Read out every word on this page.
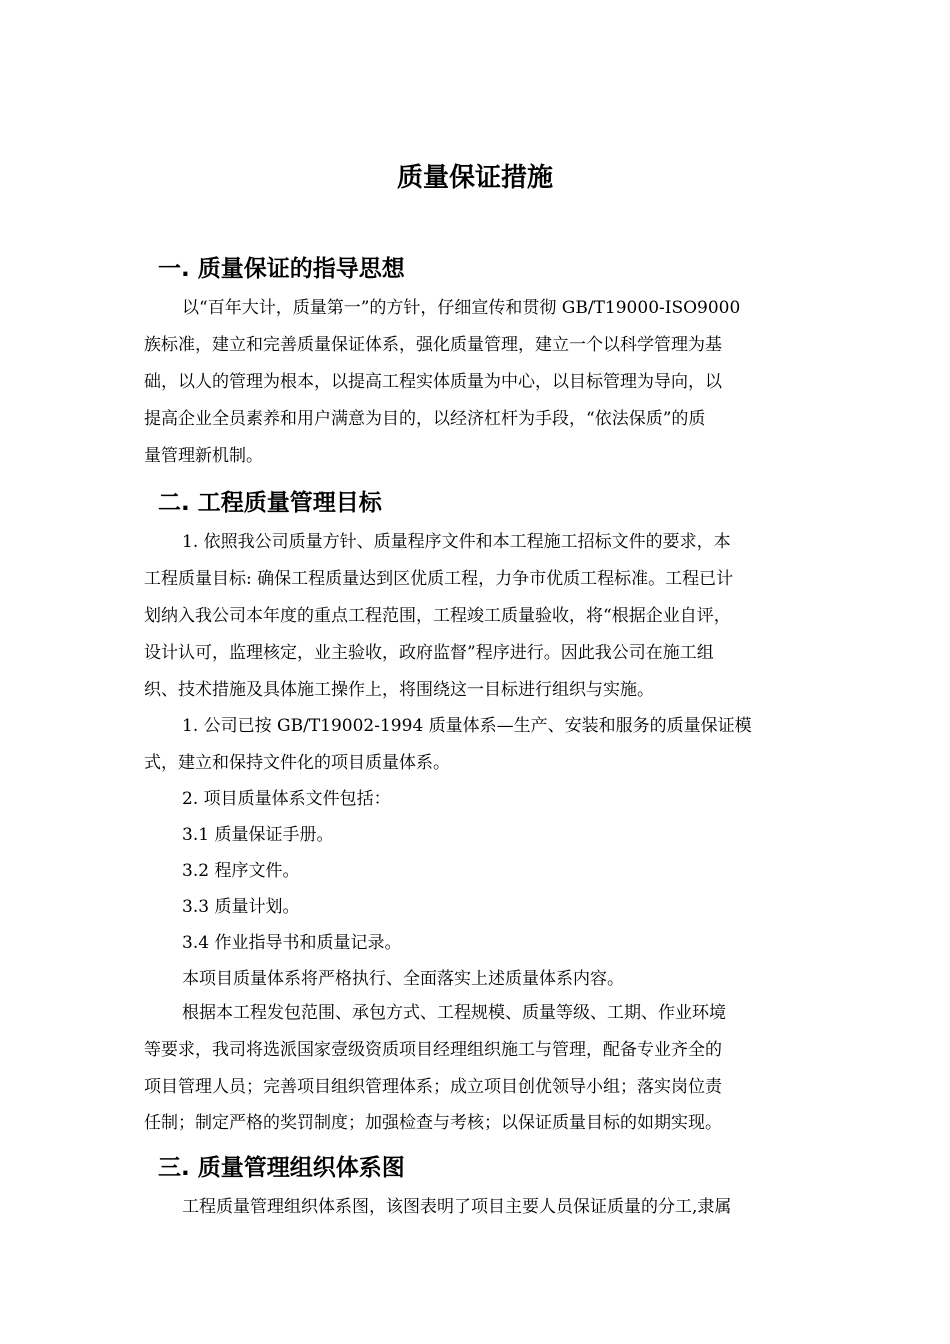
质量保证措施
一. 质量保证的指导思想

以“百年大计，质量第一”的方针，仔细宣传和贯彻 GB/T19000-ISO9000

族标准，建立和完善质量保证体系，强化质量管理，建立一个以科学管理为基

础，以人的管理为根本，以提高工程实体质量为中心，以目标管理为导向，以

提高企业全员素养和用户满意为目的，以经济杠杆为手段，“依法保质”的质

量管理新机制。

二. 工程质量管理目标

1. 依照我公司质量方针、质量程序文件和本工程施工招标文件的要求，本

工程质量目标: 确保工程质量达到区优质工程，力争市优质工程标准。工程已计

划纳入我公司本年度的重点工程范围，工程竣工质量验收，将“根据企业自评，

设计认可，监理核定，业主验收，政府监督”程序进行。因此我公司在施工组

织、技术措施及具体施工操作上，将围绕这一目标进行组织与实施。

1. 公司已按 GB/T19002-1994 质量体系—生产、安装和服务的质量保证模

式，建立和保持文件化的项目质量体系。

2. 项目质量体系文件包括：

3.1 质量保证手册。

3.2 程序文件。

3.3 质量计划。

3.4 作业指导书和质量记录。

本项目质量体系将严格执行、全面落实上述质量体系内容。

根据本工程发包范围、承包方式、工程规模、质量等级、工期、作业环境

等要求，我司将选派国家壹级资质项目经理组织施工与管理，配备专业齐全的

项目管理人员；完善项目组织管理体系；成立项目创优领导小组；落实岗位责

任制；制定严格的奖罚制度；加强检查与考核；以保证质量目标的如期实现。

三. 质量管理组织体系图

工程质量管理组织体系图，该图表明了项目主要人员保证质量的分工,隶属
